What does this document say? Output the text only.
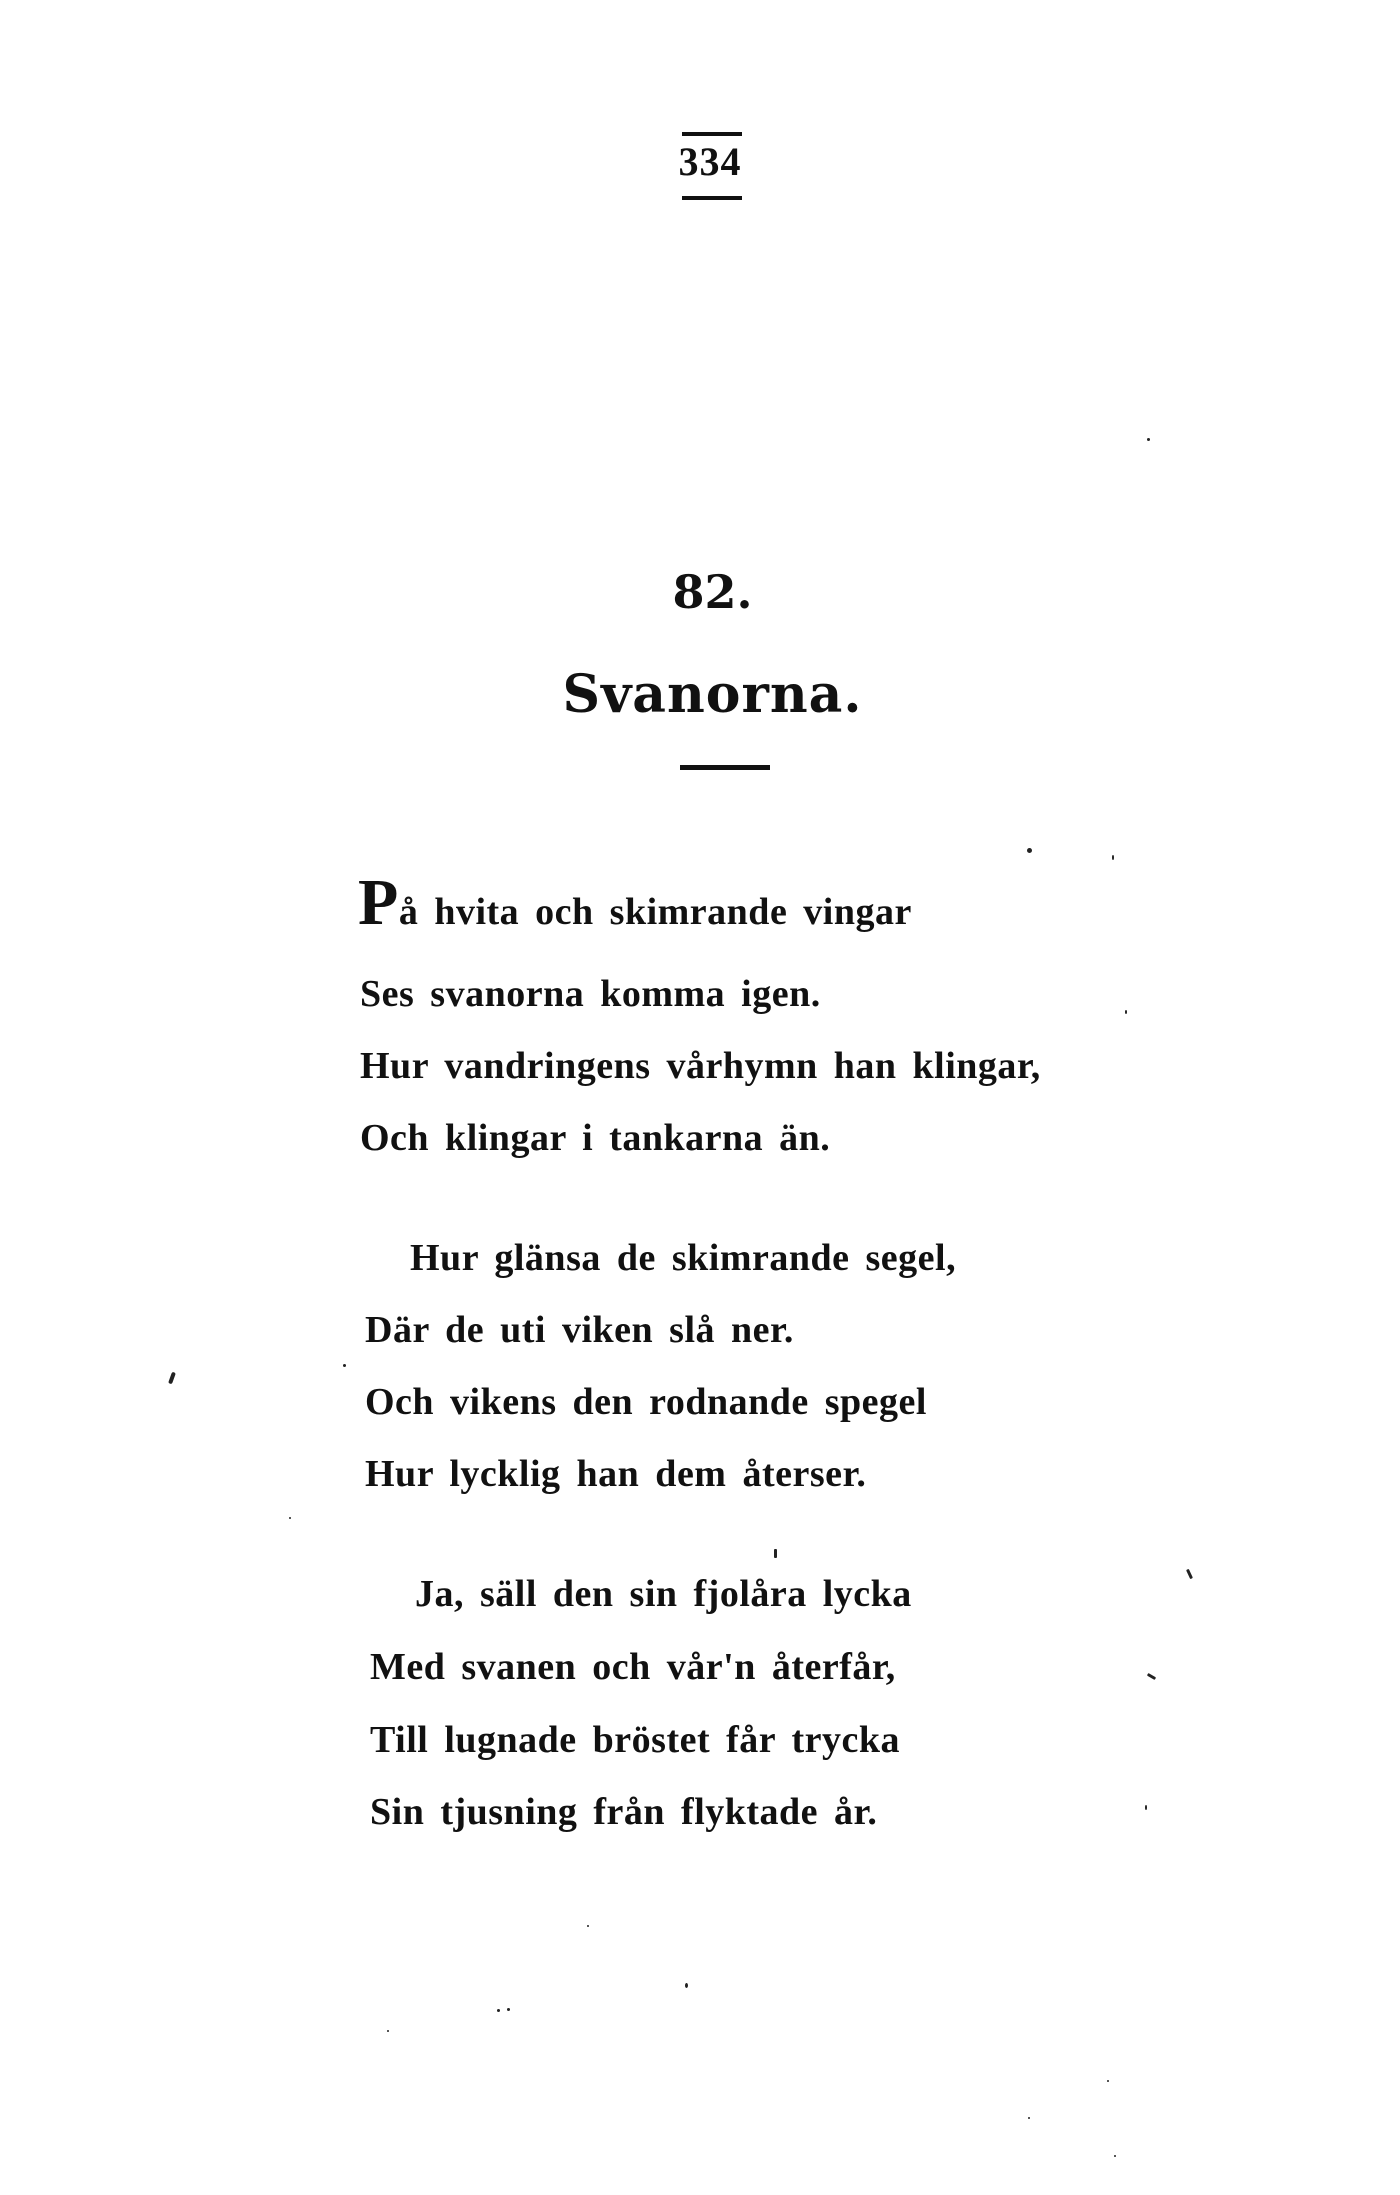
334
82.
Svanorna.
På hvita och skimrande vingar
Ses svanorna komma igen.
Hur vandringens vårhymn han klingar,
Och klingar i tankarna än.
Hur glänsa de skimrande segel,
Där de uti viken slå ner.
Och vikens den rodnande spegel
Hur lycklig han dem återser.
Ja, säll den sin fjolåra lycka
Med svanen och vår'n återfår,
Till lugnade bröstet får trycka
Sin tjusning från flyktade år.
